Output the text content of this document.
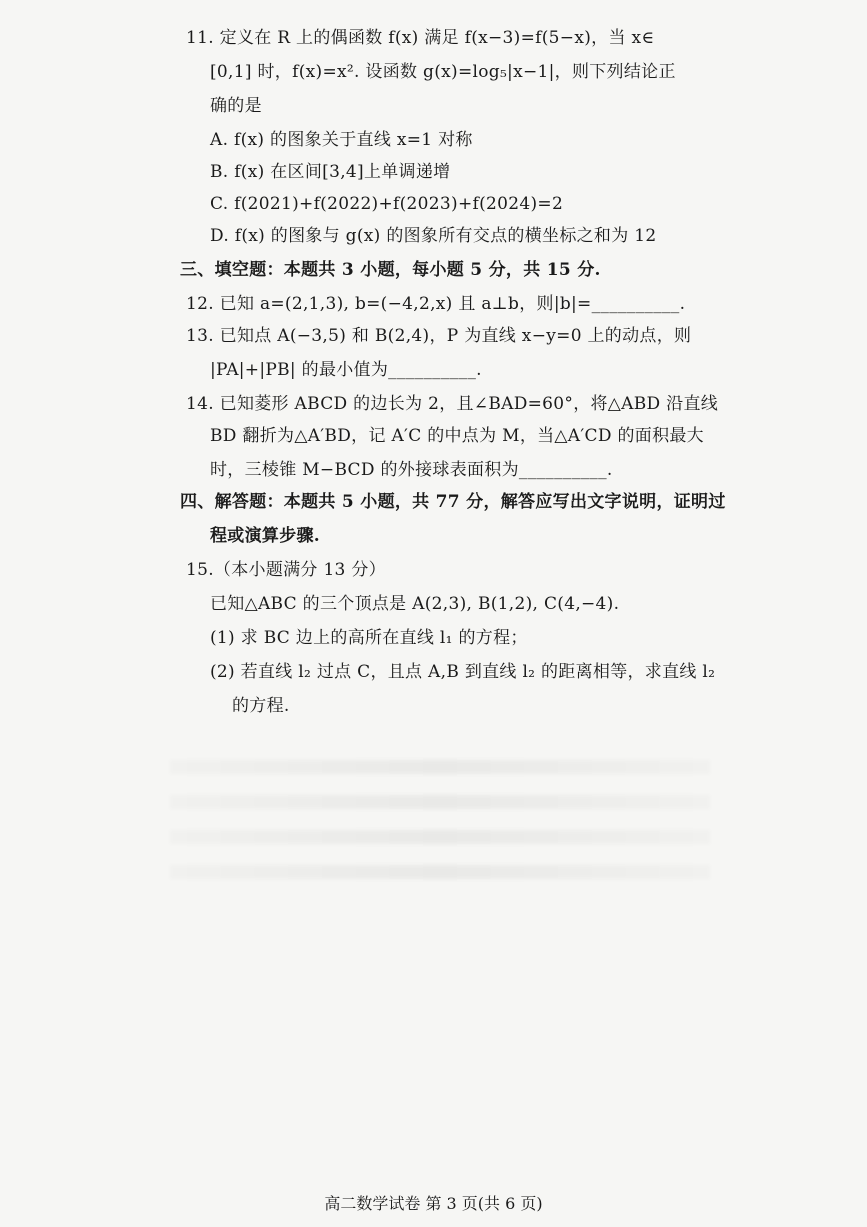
11. 定义在 R 上的偶函数 f(x) 满足 f(x−3)=f(5−x)，当 x∈
[0,1] 时，f(x)=x². 设函数 g(x)=log₅|x−1|，则下列结论正
确的是
A. f(x) 的图象关于直线 x=1 对称
B. f(x) 在区间[3,4]上单调递增
C. f(2021)+f(2022)+f(2023)+f(2024)=2
D. f(x) 的图象与 g(x) 的图象所有交点的横坐标之和为 12
三、填空题：本题共 3 小题，每小题 5 分，共 15 分.
12. 已知 a=(2,1,3), b=(−4,2,x) 且 a⊥b，则|b|=__________.
13. 已知点 A(−3,5) 和 B(2,4)，P 为直线 x−y=0 上的动点，则
|PA|+|PB| 的最小值为__________.
14. 已知菱形 ABCD 的边长为 2，且∠BAD=60°，将△ABD 沿直线
BD 翻折为△A′BD，记 A′C 的中点为 M，当△A′CD 的面积最大
时，三棱锥 M−BCD 的外接球表面积为__________.
四、解答题：本题共 5 小题，共 77 分，解答应写出文字说明，证明过
程或演算步骤.
15.（本小题满分 13 分）
已知△ABC 的三个顶点是 A(2,3), B(1,2), C(4,−4).
(1) 求 BC 边上的高所在直线 l₁ 的方程；
(2) 若直线 l₂ 过点 C，且点 A,B 到直线 l₂ 的距离相等，求直线 l₂
的方程.
高二数学试卷 第 3 页(共 6 页)
